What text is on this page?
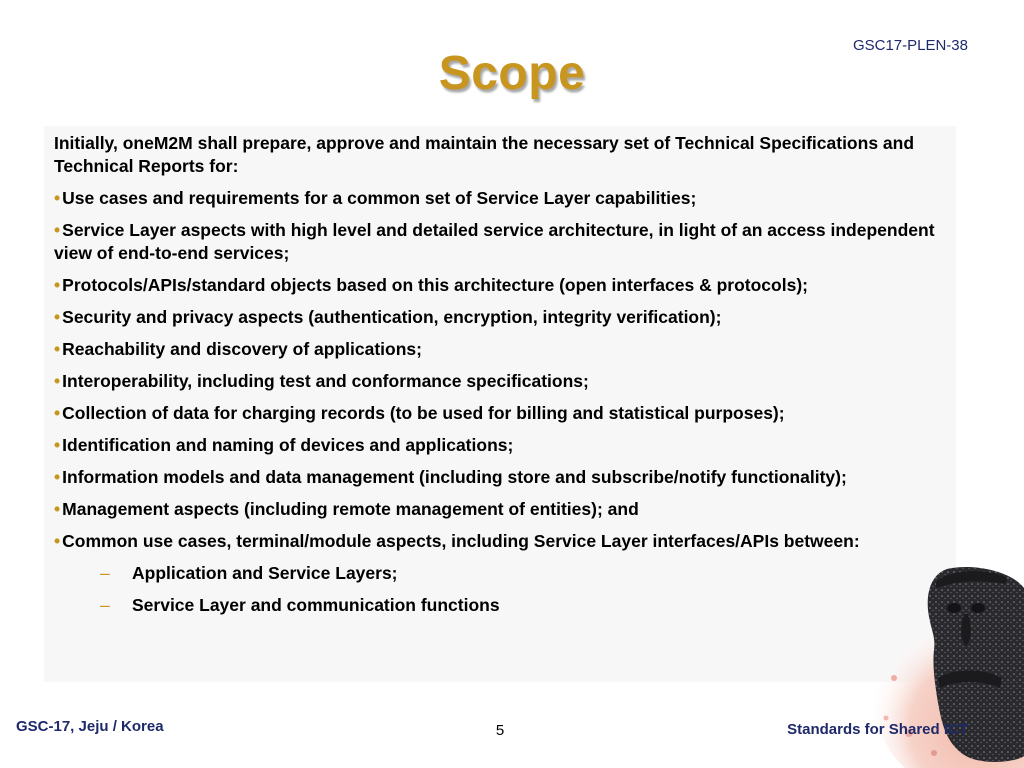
GSC17-PLEN-38
Scope

Initially, oneM2M shall prepare, approve and maintain the necessary set of Technical Specifications and Technical Reports for:

• Use cases and requirements for a common set of Service Layer capabilities;

• Service Layer aspects with high level and detailed service architecture, in light of an access independent view of end-to-end services;

• Protocols/APIs/standard objects based on this architecture (open interfaces & protocols);

• Security and privacy aspects (authentication, encryption, integrity verification);

• Reachability and discovery of applications;

• Interoperability, including test and conformance specifications;

• Collection of data for charging records (to be used for billing and statistical purposes);

• Identification and naming of devices and applications;

• Information models and data management (including store and subscribe/notify functionality);

• Management aspects (including remote management of entities); and

• Common use cases, terminal/module aspects, including Service Layer interfaces/APIs between:

– Application and Service Layers;

– Service Layer and communication functions

GSC-17, Jeju / Korea	5	Standards for Shared ICT
